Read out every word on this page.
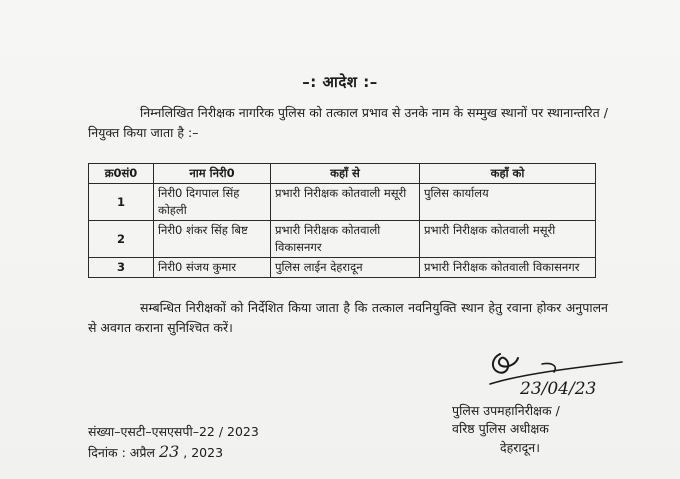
–: आदेश :–
निम्नलिखित निरीक्षक नागरिक पुलिस को तत्काल प्रभाव से उनके नाम के सम्मुख स्थानों पर स्थानान्तरित / नियुक्त किया जाता है :–
क्र0सं0	नाम निरी0	कहाँ से	कहाँ को
1	निरी0 दिगपाल सिंह कोहली	प्रभारी निरीक्षक कोतवाली मसूरी	पुलिस कार्यालय
2	निरी0 शंकर सिंह बिष्ट	प्रभारी निरीक्षक कोतवाली विकासनगर	प्रभारी निरीक्षक कोतवाली मसूरी
3	निरी0 संजय कुमार	पुलिस लाईन देहरादून	प्रभारी निरीक्षक कोतवाली विकासनगर
सम्बन्धित निरीक्षकों को निर्देशित किया जाता है कि तत्काल नवनियुक्ति स्थान हेतु रवाना होकर अनुपालन से अवगत कराना सुनिश्चित करें।
23/04/23
पुलिस उपमहानिरीक्षक /
वरिष्ठ पुलिस अधीक्षक
देहरादून।
संख्या–एसटी–एसएसपी–22 / 2023
दिनांक : अप्रैल 23 , 2023
